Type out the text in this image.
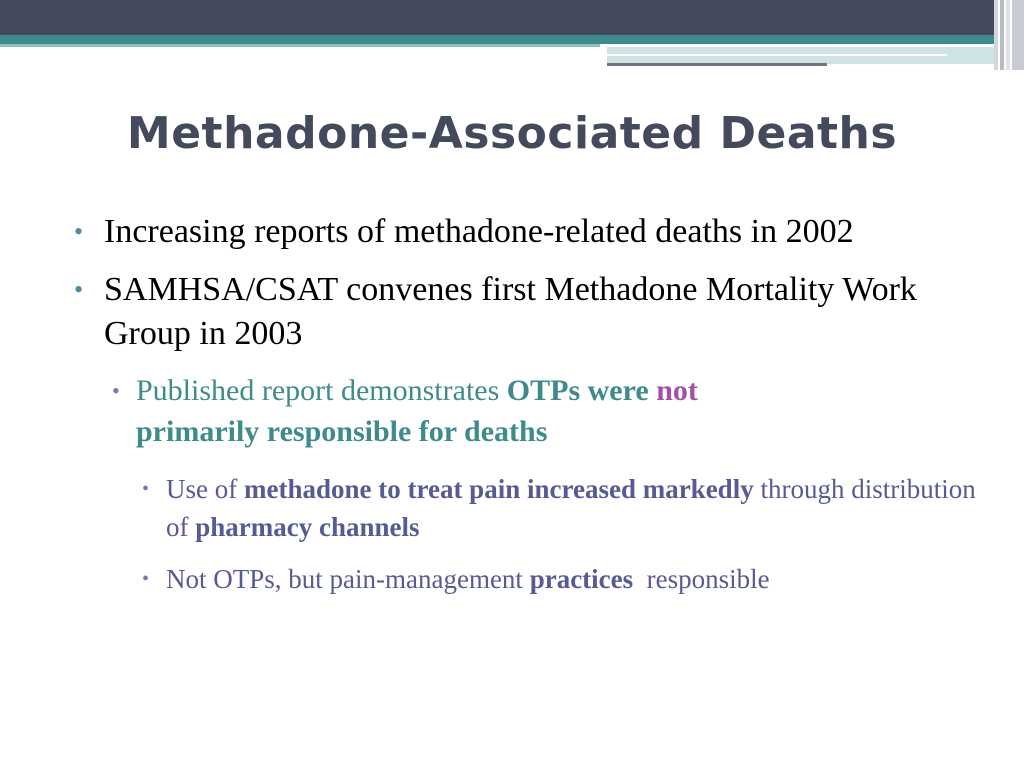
Methadone-Associated Deaths
• Increasing reports of methadone-related deaths in 2002
• SAMHSA/CSAT convenes first Methadone Mortality Work Group in 2003
• Published report demonstrates OTPs were not
primarily responsible for deaths
• Use of methadone to treat pain increased markedly through distribution of pharmacy channels
• Not OTPs, but pain-management practices  responsible
